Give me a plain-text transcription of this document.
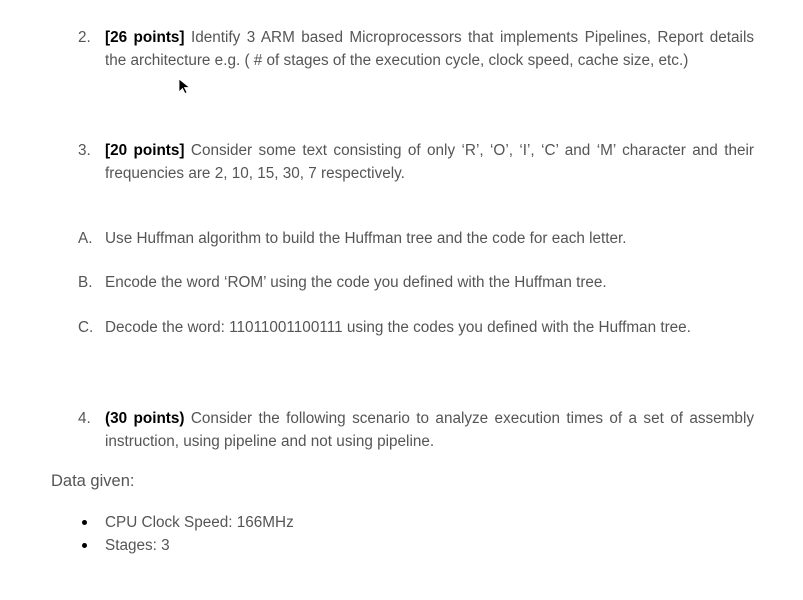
2. [26 points] Identify 3 ARM based Microprocessors that implements Pipelines, Report details the architecture e.g. ( # of stages of the execution cycle, clock speed, cache size, etc.)
3. [20 points] Consider some text consisting of only ‘R’, ‘O’, ‘I’, ‘C’ and ‘M’ character and their frequencies are 2, 10, 15, 30, 7 respectively.
A. Use Huffman algorithm to build the Huffman tree and the code for each letter.
B. Encode the word ‘ROM’ using the code you defined with the Huffman tree.
C. Decode the word: 11011001100111 using the codes you defined with the Huffman tree.
4. (30 points) Consider the following scenario to analyze execution times of a set of assembly instruction, using pipeline and not using pipeline.
Data given:
CPU Clock Speed: 166MHz
Stages: 3
